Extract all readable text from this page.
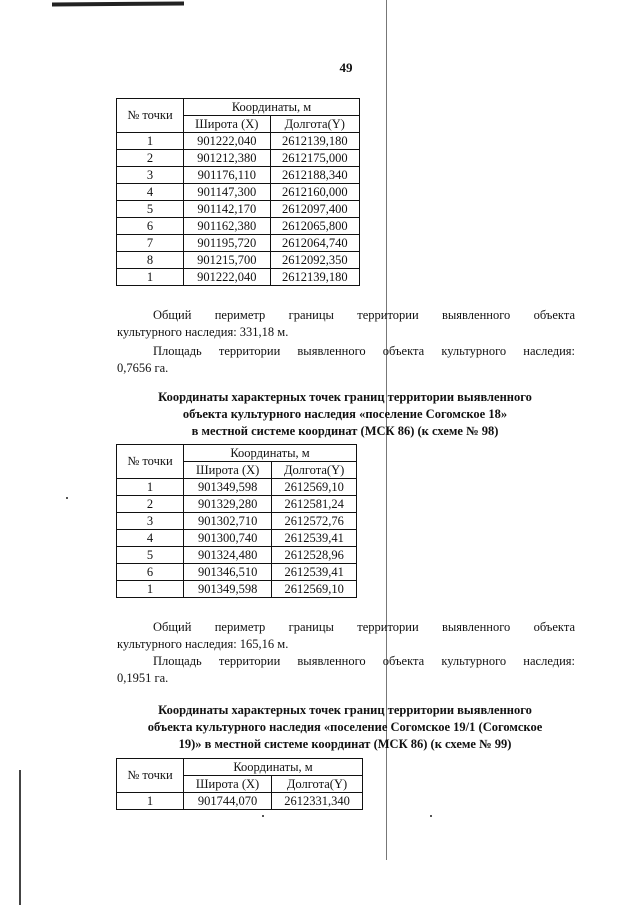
49
№ точки	Координаты, м	
	Широта (X)	Долгота(Y)
1	901222,040	2612139,180
2	901212,380	2612175,000
3	901176,110	2612188,340
4	901147,300	2612160,000
5	901142,170	2612097,400
6	901162,380	2612065,800
7	901195,720	2612064,740
8	901215,700	2612092,350
1	901222,040	2612139,180
Общий периметр границы территории выявленного объекта
культурного наследия: 331,18 м.
Площадь территории выявленного объекта культурного наследия:
0,7656 га.
Координаты характерных точек границ территории выявленного
объекта культурного наследия «поселение Согомское 18»
в местной системе координат (МСК 86) (к схеме № 98)
№ точки	Координаты, м	
	Широта (X)	Долгота(Y)
1	901349,598	2612569,10
2	901329,280	2612581,24
3	901302,710	2612572,76
4	901300,740	2612539,41
5	901324,480	2612528,96
6	901346,510	2612539,41
1	901349,598	2612569,10
Общий периметр границы территории выявленного объекта
культурного наследия: 165,16 м.
Площадь территории выявленного объекта культурного наследия:
0,1951 га.
Координаты характерных точек границ территории выявленного
объекта культурного наследия «поселение Согомское 19/1 (Согомское
19)» в местной системе координат (МСК 86) (к схеме № 99)
№ точки	Координаты, м	
	Широта (X)	Долгота(Y)
1	901744,070	2612331,340
